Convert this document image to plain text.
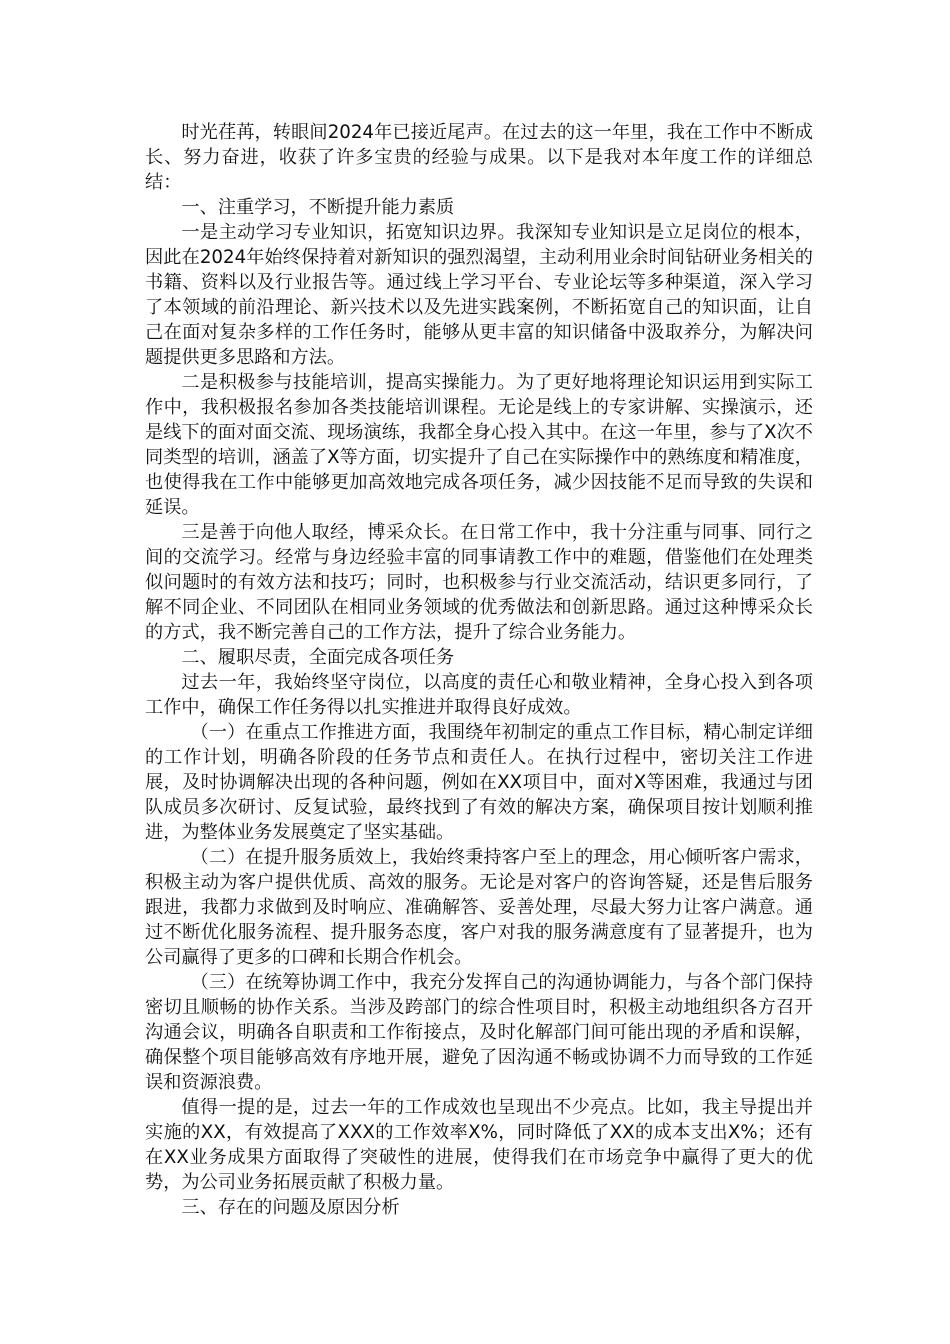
时光荏苒，转眼间2024年已接近尾声。在过去的这一年里，我在工作中不断成长、努力奋进，收获了许多宝贵的经验与成果。以下是我对本年度工作的详细总结：

一、注重学习，不断提升能力素质

一是主动学习专业知识，拓宽知识边界。我深知专业知识是立足岗位的根本，因此在2024年始终保持着对新知识的强烈渴望，主动利用业余时间钻研业务相关的书籍、资料以及行业报告等。通过线上学习平台、专业论坛等多种渠道，深入学习了本领域的前沿理论、新兴技术以及先进实践案例，不断拓宽自己的知识面，让自己在面对复杂多样的工作任务时，能够从更丰富的知识储备中汲取养分，为解决问题提供更多思路和方法。

二是积极参与技能培训，提高实操能力。为了更好地将理论知识运用到实际工作中，我积极报名参加各类技能培训课程。无论是线上的专家讲解、实操演示，还是线下的面对面交流、现场演练，我都全身心投入其中。在这一年里，参与了X次不同类型的培训，涵盖了X等方面，切实提升了自己在实际操作中的熟练度和精准度，也使得我在工作中能够更加高效地完成各项任务，减少因技能不足而导致的失误和延误。

三是善于向他人取经，博采众长。在日常工作中，我十分注重与同事、同行之间的交流学习。经常与身边经验丰富的同事请教工作中的难题，借鉴他们在处理类似问题时的有效方法和技巧；同时，也积极参与行业交流活动，结识更多同行，了解不同企业、不同团队在相同业务领域的优秀做法和创新思路。通过这种博采众长的方式，我不断完善自己的工作方法，提升了综合业务能力。

二、履职尽责，全面完成各项任务

过去一年，我始终坚守岗位，以高度的责任心和敬业精神，全身心投入到各项工作中，确保工作任务得以扎实推进并取得良好成效。

（一）在重点工作推进方面，我围绕年初制定的重点工作目标，精心制定详细的工作计划，明确各阶段的任务节点和责任人。在执行过程中，密切关注工作进展，及时协调解决出现的各种问题，例如在XX项目中，面对X等困难，我通过与团队成员多次研讨、反复试验，最终找到了有效的解决方案，确保项目按计划顺利推进，为整体业务发展奠定了坚实基础。

（二）在提升服务质效上，我始终秉持客户至上的理念，用心倾听客户需求，积极主动为客户提供优质、高效的服务。无论是对客户的咨询答疑，还是售后服务跟进，我都力求做到及时响应、准确解答、妥善处理，尽最大努力让客户满意。通过不断优化服务流程、提升服务态度，客户对我的服务满意度有了显著提升，也为公司赢得了更多的口碑和长期合作机会。

（三）在统筹协调工作中，我充分发挥自己的沟通协调能力，与各个部门保持密切且顺畅的协作关系。当涉及跨部门的综合性项目时，积极主动地组织各方召开沟通会议，明确各自职责和工作衔接点，及时化解部门间可能出现的矛盾和误解，确保整个项目能够高效有序地开展，避免了因沟通不畅或协调不力而导致的工作延误和资源浪费。

值得一提的是，过去一年的工作成效也呈现出不少亮点。比如，我主导提出并实施的XX，有效提高了XXX的工作效率X%，同时降低了XX的成本支出X%；还有在XX业务成果方面取得了突破性的进展，使得我们在市场竞争中赢得了更大的优势，为公司业务拓展贡献了积极力量。

三、存在的问题及原因分析
